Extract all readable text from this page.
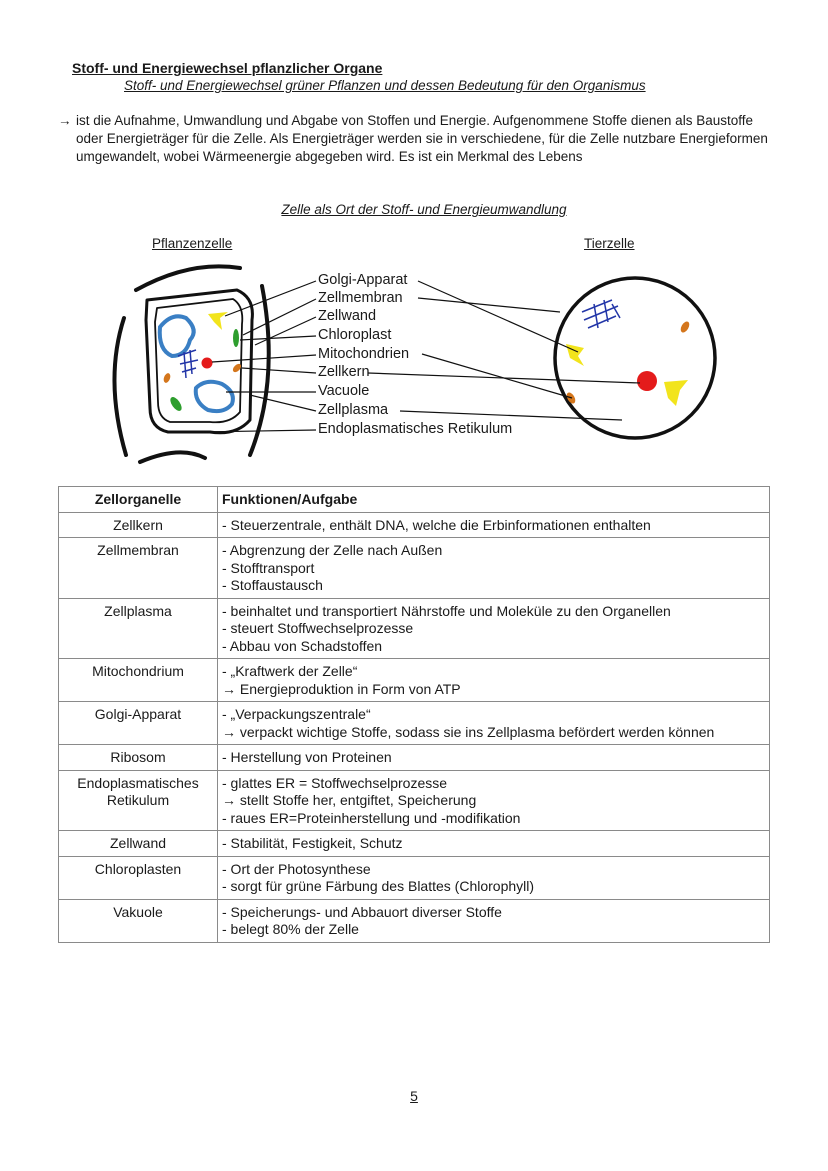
Stoff- und Energiewechsel pflanzlicher Organe
Stoff- und Energiewechsel grüner Pflanzen und dessen Bedeutung für den Organismus
→ ist die Aufnahme, Umwandlung und Abgabe von Stoffen und Energie. Aufgenommene Stoffe dienen als Baustoffe oder Energieträger für die Zelle. Als Energieträger werden sie in verschiedene, für die Zelle nutzbare Energieformen umgewandelt, wobei Wärmeenergie abgegeben wird. Es ist ein Merkmal des Lebens
Zelle als Ort der Stoff- und Energieumwandlung
Pflanzenzelle	Tierzelle
Golgi-Apparat
Zellmembran
Zellwand
Chloroplast
Mitochondrien
Zellkern
Vacuole
Zellplasma
Endoplasmatisches Retikulum
Zellorganelle	Funktionen/Aufgabe
Zellkern	- Steuerzentrale, enthält DNA, welche die Erbinformationen enthalten

Zellmembran	- Abgrenzung der Zelle nach Außen
- Stofftransport
- Stoffaustausch

Zellplasma	- beinhaltet und transportiert Nährstoffe und Moleküle zu den Organellen
- steuert Stoffwechselprozesse
- Abbau von Schadstoffen

Mitochondrium	- „Kraftwerk der Zelle“
→ Energieproduktion in Form von ATP

Golgi-Apparat	- „Verpackungszentrale“
→ verpackt wichtige Stoffe, sodass sie ins Zellplasma befördert werden können

Ribosom	- Herstellung von Proteinen

Endoplasmatisches Retikulum	- glattes ER = Stoffwechselprozesse
→ stellt Stoffe her, entgiftet, Speicherung
- raues ER=Proteinherstellung und -modifikation

Zellwand	- Stabilität, Festigkeit, Schutz

Chloroplasten	- Ort der Photosynthese
- sorgt für grüne Färbung des Blattes (Chlorophyll)

Vakuole	- Speicherungs- und Abbauort diverser Stoffe
- belegt 80% der Zelle
5
